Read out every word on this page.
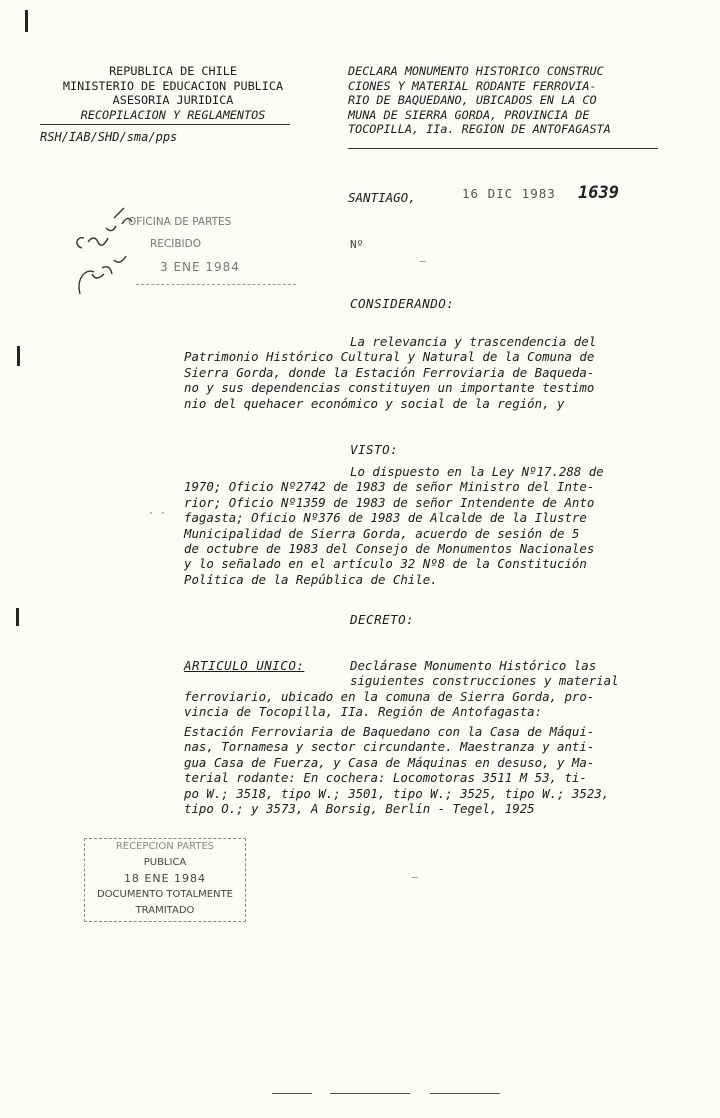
REPUBLICA DE CHILE
MINISTERIO DE EDUCACION PUBLICA
ASESORIA JURIDICA
RECOPILACION Y REGLAMENTOS
RSH/IAB/SHD/sma/pps
DECLARA MONUMENTO HISTORICO CONSTRUC
CIONES Y MATERIAL RODANTE FERROVIA-
RIO DE BAQUEDANO, UBICADOS EN LA CO
MUNA DE SIERRA GORDA, PROVINCIA DE
TOCOPILLA, IIa. REGION DE ANTOFAGASTA
SANTIAGO,	16 DIC 1983 1639
Nº
–
OFICINA DE PARTES
RECIBIDO
3 ENE 1984
CONSIDERANDO:
La relevancia y trascendencia del
Patrimonio Histórico Cultural y Natural de la Comuna de
Sierra Gorda, donde la Estación Ferroviaria de Baqueda-
no y sus dependencias constituyen un importante testimo
nio del quehacer económico y social de la región, y
VISTO:
Lo dispuesto en la Ley Nº17.288 de
1970; Oficio Nº2742 de 1983 de señor Ministro del Inte-
rior; Oficio Nº1359 de 1983 de señor Intendente de Anto
fagasta; Oficio Nº376 de 1983 de Alcalde de la Ilustre
Municipalidad de Sierra Gorda, acuerdo de sesión de 5
de octubre de 1983 del Consejo de Monumentos Nacionales
y lo señalado en el artículo 32 Nº8 de la Constitución
Política de la República de Chile.
· ·
DECRETO:
ARTICULO UNICO:	Declárase Monumento Histórico las
siguientes construcciones y material
ferroviario, ubicado en la comuna de Sierra Gorda, pro-
vincia de Tocopilla, IIa. Región de Antofagasta:
Estación Ferroviaria de Baquedano con la Casa de Máqui-
nas, Tornamesa y sector circundante. Maestranza y anti-
gua Casa de Fuerza, y Casa de Máquinas en desuso, y Ma-
terial rodante: En cochera: Locomotoras 3511 M 53, ti-
po W.; 3518, tipo W.; 3501, tipo W.; 3525, tipo W.; 3523,
tipo O.; y 3573, A Borsig, Berlín - Tegel, 1925
RECEPCION PARTES
PUBLICA
18 ENE 1984
DOCUMENTO TOTALMENTE
TRAMITADO
–
